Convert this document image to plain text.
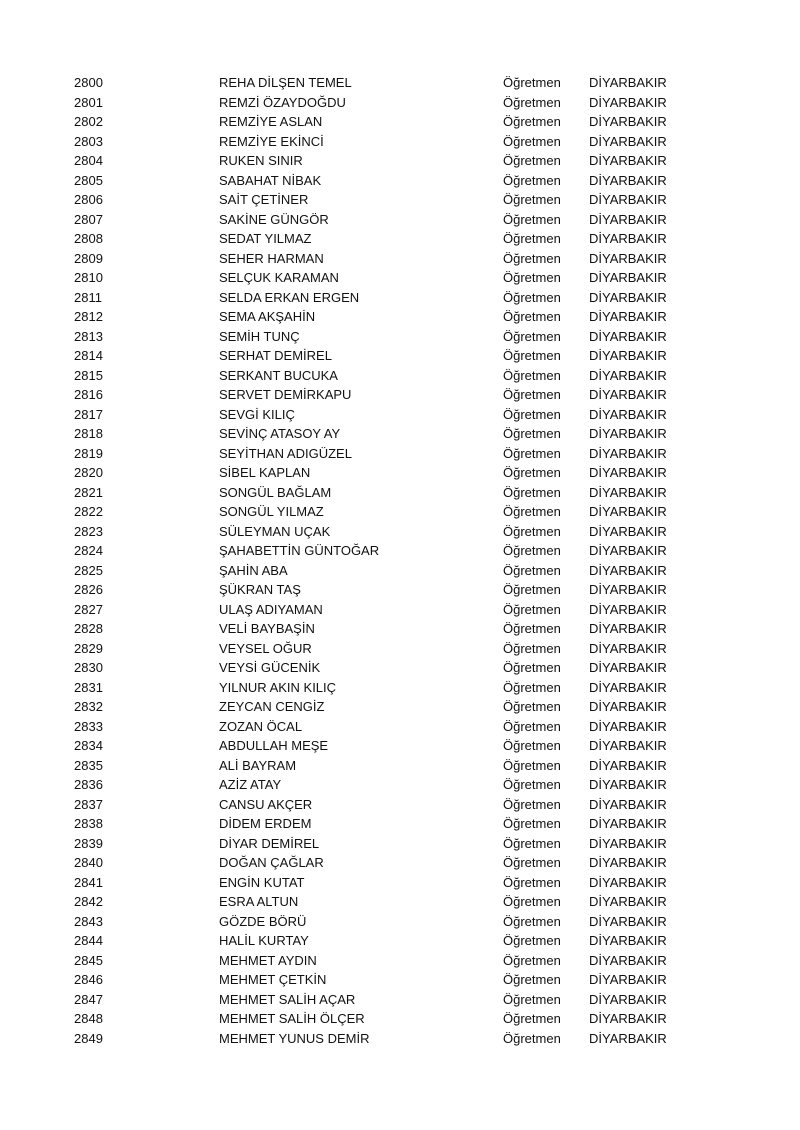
2800	REHA DİLŞEN TEMEL	Öğretmen DİYARBAKIR
2801	REMZİ ÖZAYDOĞDU	Öğretmen DİYARBAKIR
2802	REMZİYE ASLAN	Öğretmen DİYARBAKIR
2803	REMZİYE EKİNCİ	Öğretmen DİYARBAKIR
2804	RUKEN SINIR	Öğretmen DİYARBAKIR
2805	SABAHAT NİBAK	Öğretmen DİYARBAKIR
2806	SAİT ÇETİNER	Öğretmen DİYARBAKIR
2807	SAKİNE GÜNGÖR	Öğretmen DİYARBAKIR
2808	SEDAT YILMAZ	Öğretmen DİYARBAKIR
2809	SEHER HARMAN	Öğretmen DİYARBAKIR
2810	SELÇUK KARAMAN	Öğretmen DİYARBAKIR
2811	SELDA ERKAN ERGEN	Öğretmen DİYARBAKIR
2812	SEMA AKŞAHİN	Öğretmen DİYARBAKIR
2813	SEMİH TUNÇ	Öğretmen DİYARBAKIR
2814	SERHAT DEMİREL	Öğretmen DİYARBAKIR
2815	SERKANT BUCUKA	Öğretmen DİYARBAKIR
2816	SERVET DEMİRKAPU	Öğretmen DİYARBAKIR
2817	SEVGİ KILIÇ	Öğretmen DİYARBAKIR
2818	SEVİNÇ ATASOY AY	Öğretmen DİYARBAKIR
2819	SEYİTHAN ADIGÜZEL	Öğretmen DİYARBAKIR
2820	SİBEL KAPLAN	Öğretmen DİYARBAKIR
2821	SONGÜL BAĞLAM	Öğretmen DİYARBAKIR
2822	SONGÜL YILMAZ	Öğretmen DİYARBAKIR
2823	SÜLEYMAN UÇAK	Öğretmen DİYARBAKIR
2824	ŞAHABETTİN GÜNTOĞAR	Öğretmen DİYARBAKIR
2825	ŞAHİN ABA	Öğretmen DİYARBAKIR
2826	ŞÜKRAN TAŞ	Öğretmen DİYARBAKIR
2827	ULAŞ ADIYAMAN	Öğretmen DİYARBAKIR
2828	VELİ BAYBAŞİN	Öğretmen DİYARBAKIR
2829	VEYSEL OĞUR	Öğretmen DİYARBAKIR
2830	VEYSİ GÜCENİK	Öğretmen DİYARBAKIR
2831	YILNUR AKIN KILIÇ	Öğretmen DİYARBAKIR
2832	ZEYCAN CENGİZ	Öğretmen DİYARBAKIR
2833	ZOZAN ÖCAL	Öğretmen DİYARBAKIR
2834	ABDULLAH MEŞE	Öğretmen DİYARBAKIR
2835	ALİ BAYRAM	Öğretmen DİYARBAKIR
2836	AZİZ ATAY	Öğretmen DİYARBAKIR
2837	CANSU AKÇER	Öğretmen DİYARBAKIR
2838	DİDEM ERDEM	Öğretmen DİYARBAKIR
2839	DİYAR DEMİREL	Öğretmen DİYARBAKIR
2840	DOĞAN ÇAĞLAR	Öğretmen DİYARBAKIR
2841	ENGİN KUTAT	Öğretmen DİYARBAKIR
2842	ESRA ALTUN	Öğretmen DİYARBAKIR
2843	GÖZDE BÖRÜ	Öğretmen DİYARBAKIR
2844	HALİL KURTAY	Öğretmen DİYARBAKIR
2845	MEHMET AYDIN	Öğretmen DİYARBAKIR
2846	MEHMET ÇETKİN	Öğretmen DİYARBAKIR
2847	MEHMET SALİH AÇAR	Öğretmen DİYARBAKIR
2848	MEHMET SALİH ÖLÇER	Öğretmen DİYARBAKIR
2849	MEHMET YUNUS DEMİR	Öğretmen DİYARBAKIR
